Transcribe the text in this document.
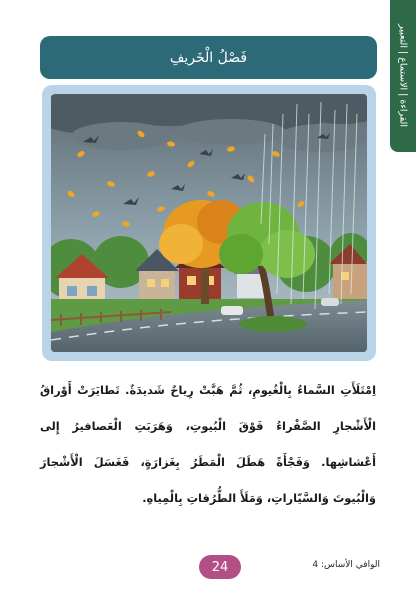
القراءة | الاستماع | التعبير
فَصْلُ الْخَريفِ

اِمْتَلَأَتِ السَّماءُ بِالْغُيومِ، ثُمَّ هَبَّتْ رِياحٌ شَديدَةٌ. تَطايَرَتْ أَوْراقُ الْأَشْجارِ الصَّفْراءُ فَوْقَ الْبُيوتِ، وَهَرَبَتِ الْعَصافيرُ إِلى أَعْشاشِها. وَفَجْأَةً هَطَلَ الْمَطَرُ بِغَزارَةٍ، فَغَسَلَ الْأَشْجارَ وَالْبُيوتَ وَالسَّيّاراتِ، وَمَلَأَ الطُّرُقاتِ بِالْمِياهِ.

24	الوافي الأساس: 4
